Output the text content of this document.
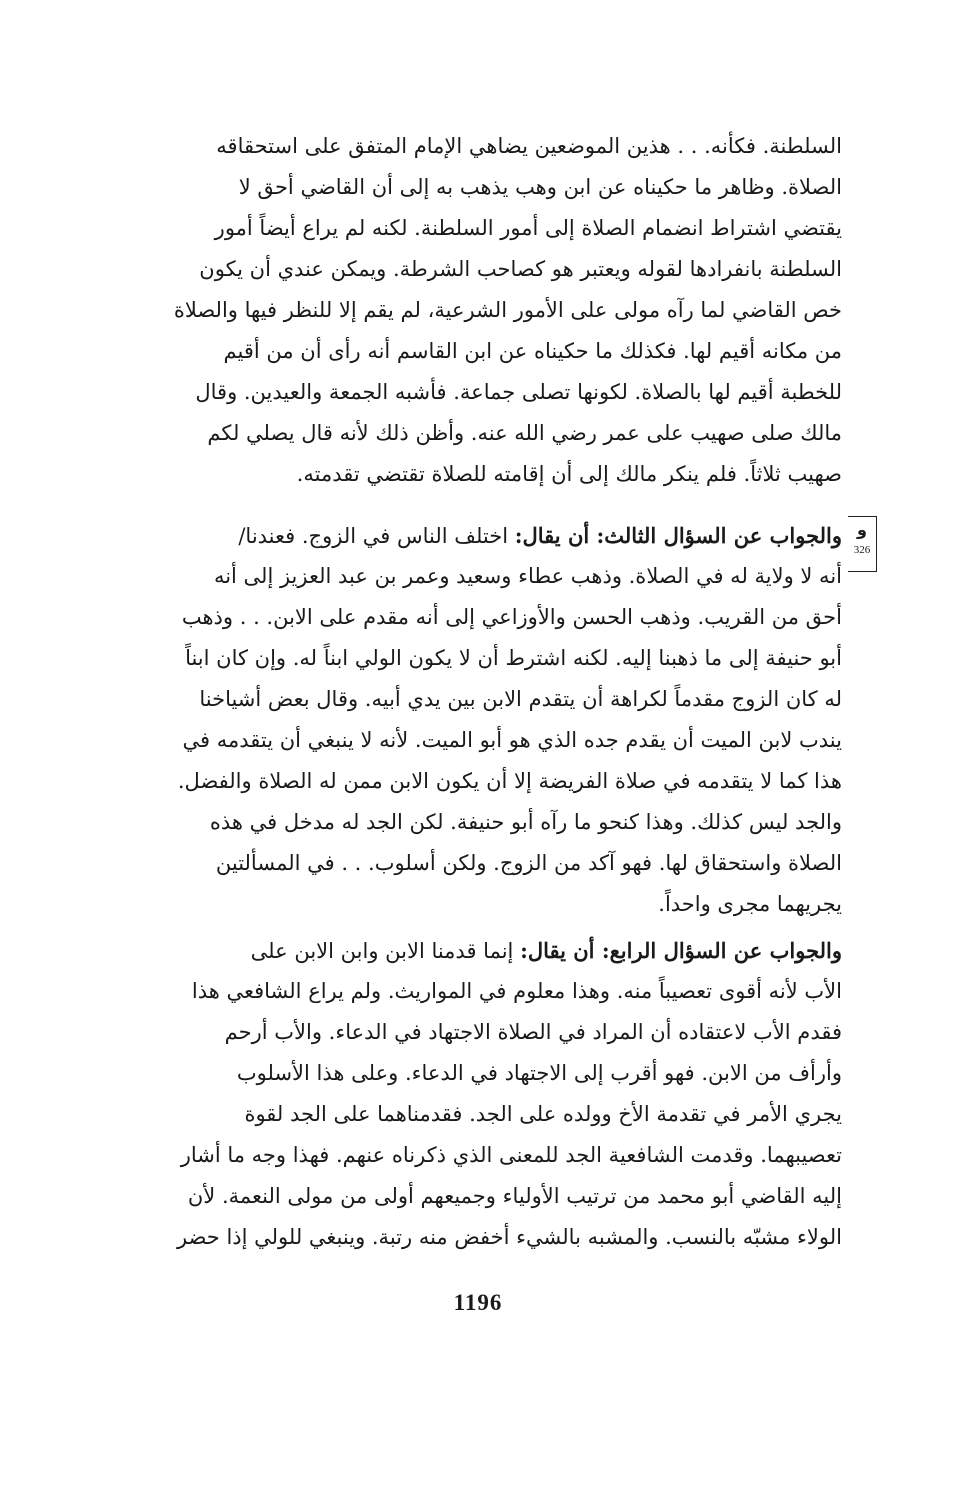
السلطنة. فكأنه. . . هذين الموضعين يضاهي الإمام المتفق على استحقاقه
الصلاة. وظاهر ما حكيناه عن ابن وهب يذهب به إلى أن القاضي أحق لا
يقتضي اشتراط انضمام الصلاة إلى أمور السلطنة. لكنه لم يراع أيضاً أمور
السلطنة بانفرادها لقوله ويعتبر هو كصاحب الشرطة. ويمكن عندي أن يكون
خص القاضي لما رآه مولى على الأمور الشرعية، لم يقم إلا للنظر فيها والصلاة
من مكانه أقيم لها. فكذلك ما حكيناه عن ابن القاسم أنه رأى أن من أقيم
للخطبة أقيم لها بالصلاة. لكونها تصلى جماعة. فأشبه الجمعة والعيدين. وقال
مالك صلى صهيب على عمر رضي الله عنه. وأظن ذلك لأنه قال يصلي لكم
صهيب ثلاثاً. فلم ينكر مالك إلى أن إقامته للصلاة تقتضي تقدمته.
و
326
والجواب عن السؤال الثالث: أن يقال: اختلف الناس في الزوج. فعندنا/
أنه لا ولاية له في الصلاة. وذهب عطاء وسعيد وعمر بن عبد العزيز إلى أنه
أحق من القريب. وذهب الحسن والأوزاعي إلى أنه مقدم على الابن. . . وذهب
أبو حنيفة إلى ما ذهبنا إليه. لكنه اشترط أن لا يكون الولي ابناً له. وإن كان ابناً
له كان الزوج مقدماً لكراهة أن يتقدم الابن بين يدي أبيه. وقال بعض أشياخنا
يندب لابن الميت أن يقدم جده الذي هو أبو الميت. لأنه لا ينبغي أن يتقدمه في
هذا كما لا يتقدمه في صلاة الفريضة إلا أن يكون الابن ممن له الصلاة والفضل.
والجد ليس كذلك. وهذا كنحو ما رآه أبو حنيفة. لكن الجد له مدخل في هذه
الصلاة واستحقاق لها. فهو آكد من الزوج. ولكن أسلوب. . . في المسألتين
يجريهما مجرى واحداً.
والجواب عن السؤال الرابع: أن يقال: إنما قدمنا الابن وابن الابن على
الأب لأنه أقوى تعصيباً منه. وهذا معلوم في المواريث. ولم يراع الشافعي هذا
فقدم الأب لاعتقاده أن المراد في الصلاة الاجتهاد في الدعاء. والأب أرحم
وأرأف من الابن. فهو أقرب إلى الاجتهاد في الدعاء. وعلى هذا الأسلوب
يجري الأمر في تقدمة الأخ وولده على الجد. فقدمناهما على الجد لقوة
تعصيبهما. وقدمت الشافعية الجد للمعنى الذي ذكرناه عنهم. فهذا وجه ما أشار
إليه القاضي أبو محمد من ترتيب الأولياء وجميعهم أولى من مولى النعمة. لأن
الولاء مشبّه بالنسب. والمشبه بالشيء أخفض منه رتبة. وينبغي للولي إذا حضر
1196
